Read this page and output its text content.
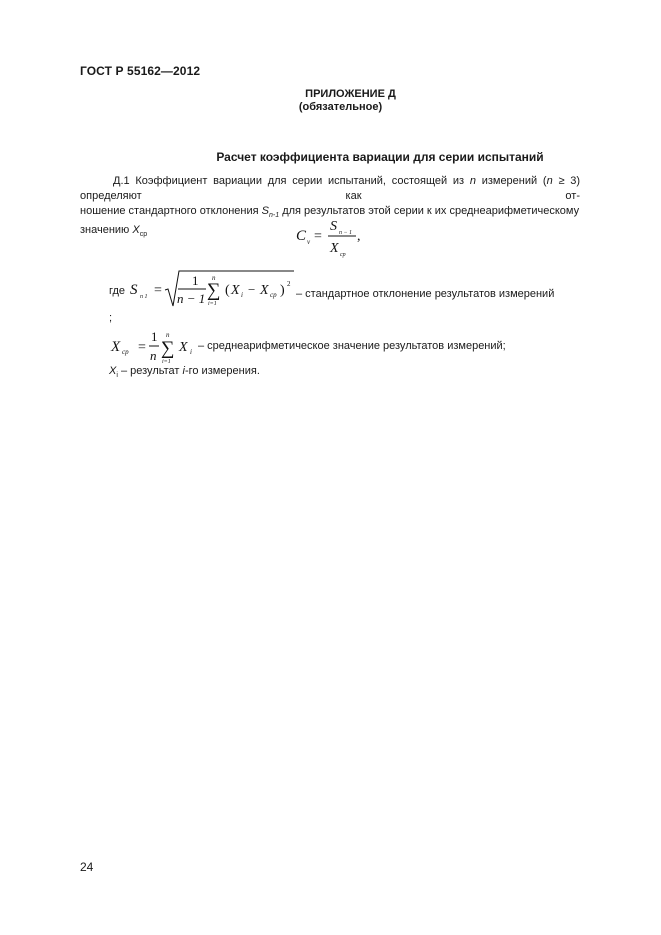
ГОСТ Р 55162—2012
ПРИЛОЖЕНИЕ Д
(обязательное)
Расчет коэффициента вариации для серии испытаний
Д.1 Коэффициент вариации для серии испытаний, состоящей из n измерений (n ≥ 3) определяют как от-
ношение стандартного отклонения $S_{n-1}$ для результатов этой серии к их среднеарифметическому значению $X_{ср}$	C v =
S n − 1
X cp
,
где S n 1 =
1
n − 1
n
∑
i=1
( X i − X cp ) 2
– стандартное отклонение результатов измерений
;
X cp =
1
n
n
∑
i=1
X i – среднеарифметическое значение результатов измерений;
$X_i$ – результат i-го измерения.
24
